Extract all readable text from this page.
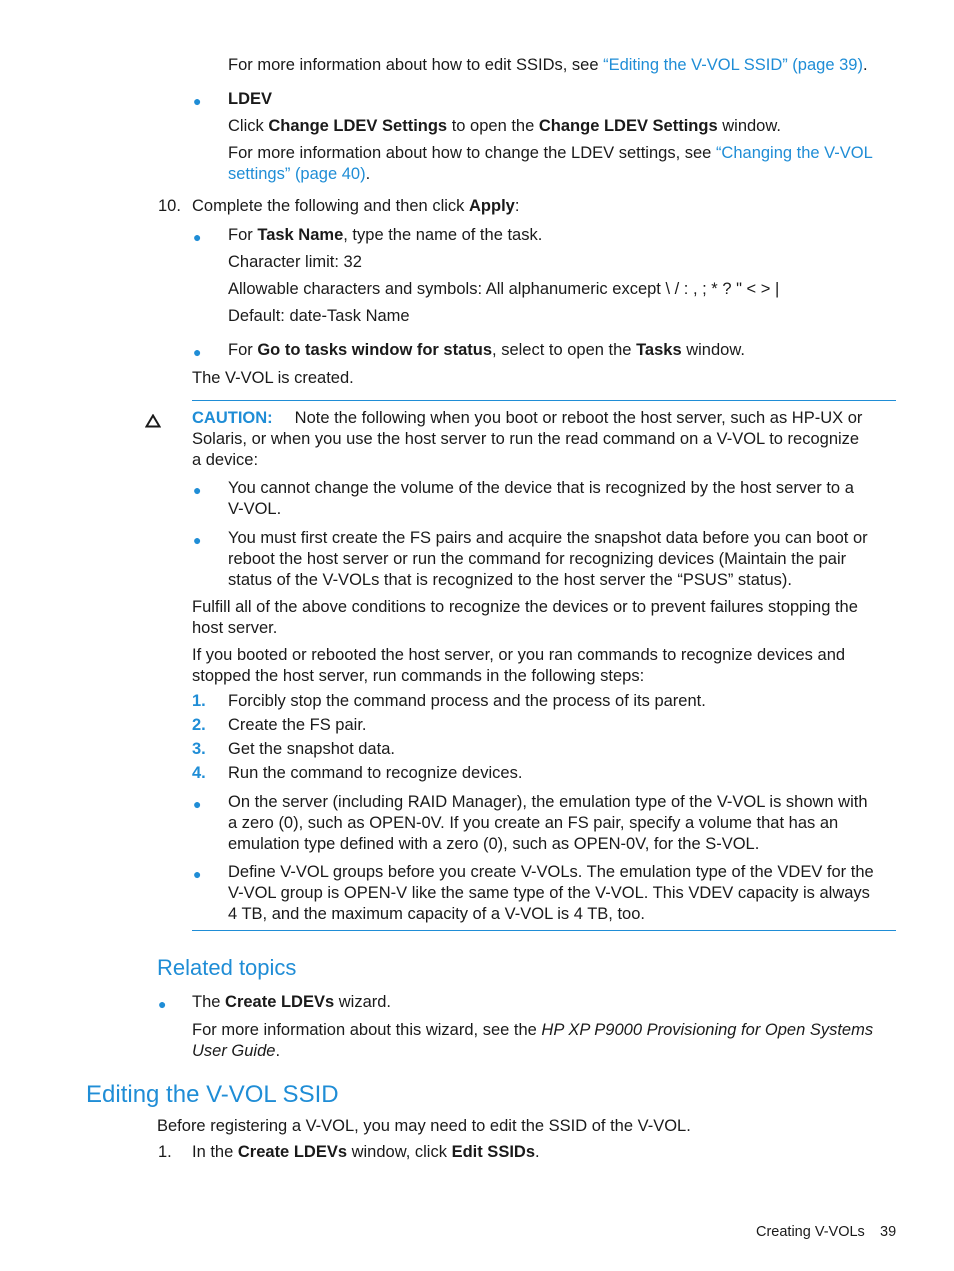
For more information about how to edit SSIDs, see “Editing the V-VOL SSID” (page 39).

● LDEV

Click Change LDEV Settings to open the Change LDEV Settings window.

For more information about how to change the LDEV settings, see “Changing the V-VOL

settings” (page 40).

10. Complete the following and then click Apply:

● For Task Name, type the name of the task.

Character limit: 32

Allowable characters and symbols: All alphanumeric except \ / : , ; * ? " < > |

Default: date-Task Name

● For Go to tasks window for status, select to open the Tasks window.

The V-VOL is created.

CAUTION: Note the following when you boot or reboot the host server, such as HP-UX or

Solaris, or when you use the host server to run the read command on a V-VOL to recognize

a device:

● You cannot change the volume of the device that is recognized by the host server to a

V-VOL.

● You must first create the FS pairs and acquire the snapshot data before you can boot or

reboot the host server or run the command for recognizing devices (Maintain the pair

status of the V-VOLs that is recognized to the host server the “PSUS” status).

Fulfill all of the above conditions to recognize the devices or to prevent failures stopping the

host server.

If you booted or rebooted the host server, or you ran commands to recognize devices and

stopped the host server, run commands in the following steps:

1. Forcibly stop the command process and the process of its parent.

2. Create the FS pair.

3. Get the snapshot data.

4. Run the command to recognize devices.

● On the server (including RAID Manager), the emulation type of the V-VOL is shown with

a zero (0), such as OPEN-0V. If you create an FS pair, specify a volume that has an

emulation type defined with a zero (0), such as OPEN-0V, for the S-VOL.

● Define V-VOL groups before you create V-VOLs. The emulation type of the VDEV for the

V-VOL group is OPEN-V like the same type of the V-VOL. This VDEV capacity is always

4 TB, and the maximum capacity of a V-VOL is 4 TB, too.

Related topics
● The Create LDEVs wizard.

For more information about this wizard, see the HP XP P9000 Provisioning for Open Systems

User Guide.

Editing the V-VOL SSID

Before registering a V-VOL, you may need to edit the SSID of the V-VOL.

1. In the Create LDEVs window, click Edit SSIDs.

Creating V-VOLs 39
